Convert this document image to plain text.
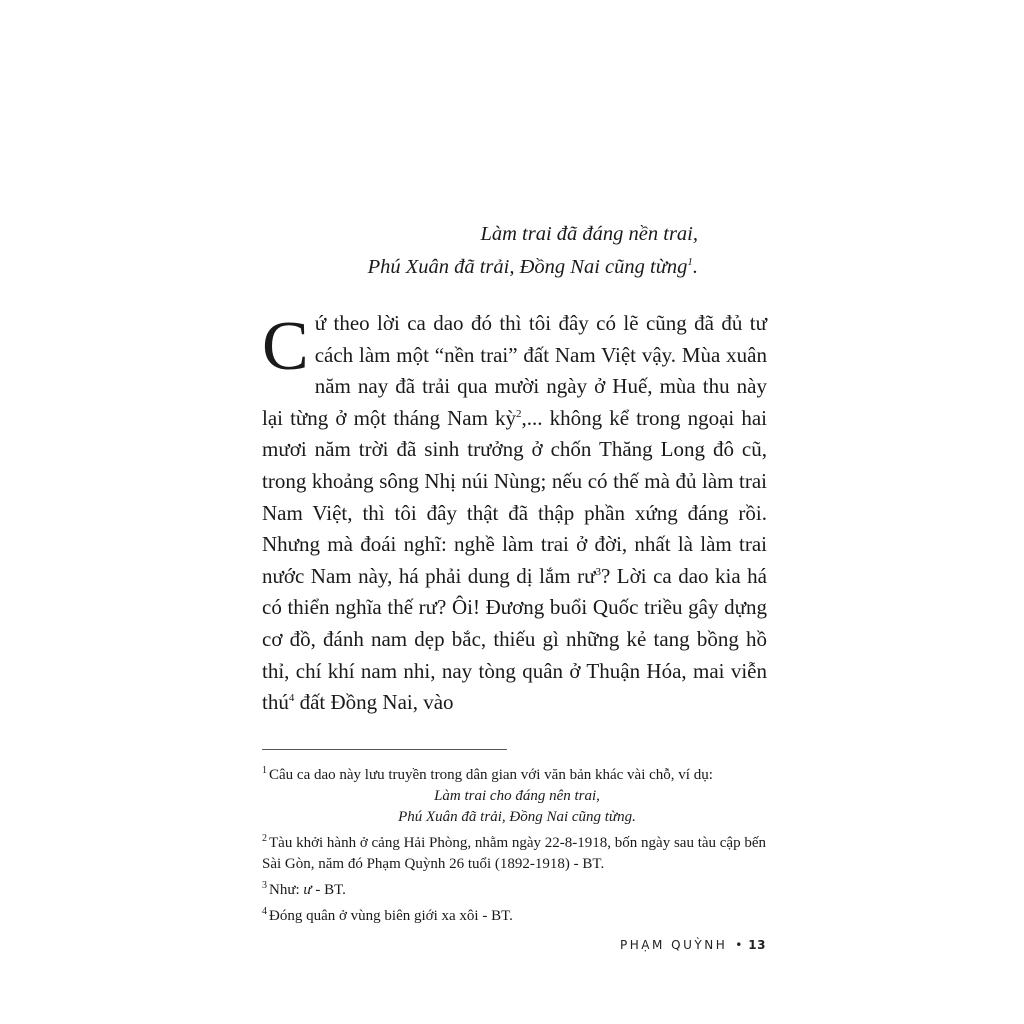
Làm trai đã đáng nền trai,
Phú Xuân đã trải, Đồng Nai cũng từng$^1$.
Cứ theo lời ca dao đó thì tôi đây có lẽ cũng đã đủ tư cách làm một “nền trai” đất Nam Việt vậy. Mùa xuân năm nay đã trải qua mười ngày ở Huế, mùa thu này lại từng ở một tháng Nam kỳ$^2$,... không kể trong ngoại hai mươi năm trời đã sinh trưởng ở chốn Thăng Long đô cũ, trong khoảng sông Nhị núi Nùng; nếu có thế mà đủ làm trai Nam Việt, thì tôi đây thật đã thập phần xứng đáng rồi. Nhưng mà đoái nghĩ: nghề làm trai ở đời, nhất là làm trai nước Nam này, há phải dung dị lắm rư$^3$? Lời ca dao kia há có thiển nghĩa thế rư? Ôi! Đương buổi Quốc triều gây dựng cơ đồ, đánh nam dẹp bắc, thiếu gì những kẻ tang bồng hồ thỉ, chí khí nam nhi, nay tòng quân ở Thuận Hóa, mai viễn thú$^4$ đất Đồng Nai, vào
$^1$ Câu ca dao này lưu truyền trong dân gian với văn bản khác vài chỗ, ví dụ:
Làm trai cho đáng nên trai,
Phú Xuân đã trải, Đồng Nai cũng từng.
$^2$ Tàu khởi hành ở cảng Hải Phòng, nhằm ngày 22-8-1918, bốn ngày sau tàu cập bến Sài Gòn, năm đó Phạm Quỳnh 26 tuổi (1892-1918) - BT.
$^3$ Như: ư - BT.
$^4$ Đóng quân ở vùng biên giới xa xôi - BT.
PHẠM QUỲNH • 13
